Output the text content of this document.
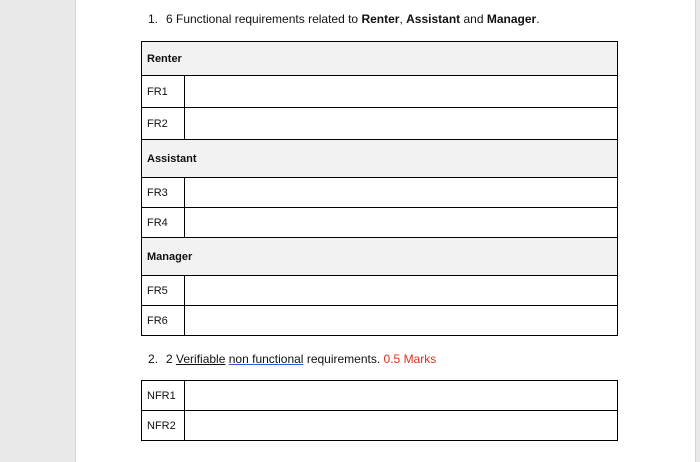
1. 6 Functional requirements related to Renter, Assistant and Manager.
Renter	
FR1	
FR2	
Assistant	
FR3	
FR4	
Manager	
FR5	
FR6	
2. 2 Verifiable non functional requirements. 0.5 Marks
NFR1	
NFR2	
